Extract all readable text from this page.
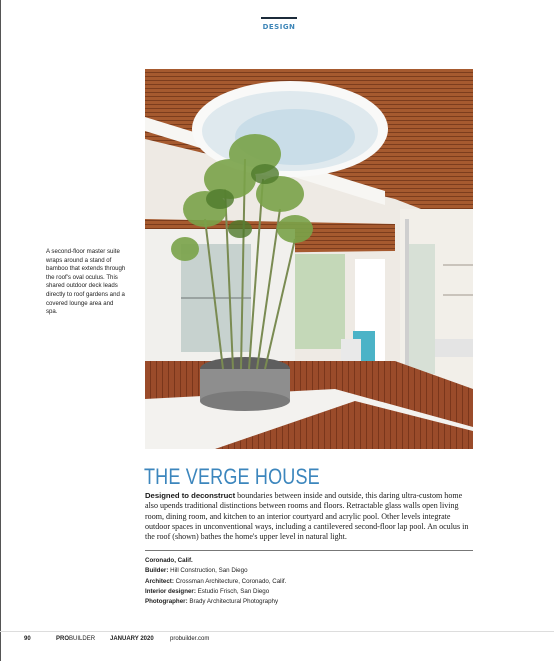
DESIGN
A second-floor master suite wraps around a stand of bamboo that extends through the roof's oval oculus. This shared outdoor deck leads directly to roof gardens and a covered lounge area and spa.
THE VERGE HOUSE
Designed to deconstruct boundaries between inside and outside, this daring ultra-custom home also upends traditional distinctions between rooms and floors. Retractable glass walls open living room, dining room, and kitchen to an interior courtyard and acrylic pool. Other levels integrate outdoor spaces in unconventional ways, including a cantilevered second-floor lap pool. An oculus in the roof (shown) bathes the home's upper level in natural light.
Coronado, Calif.
Builder: Hill Construction, San Diego
Architect: Crossman Architecture, Coronado, Calif.
Interior designer: Estudio Frisch, San Diego
Photographer: Brady Architectural Photography
90	PROBUILDER JANUARY 2020	probuilder.com
